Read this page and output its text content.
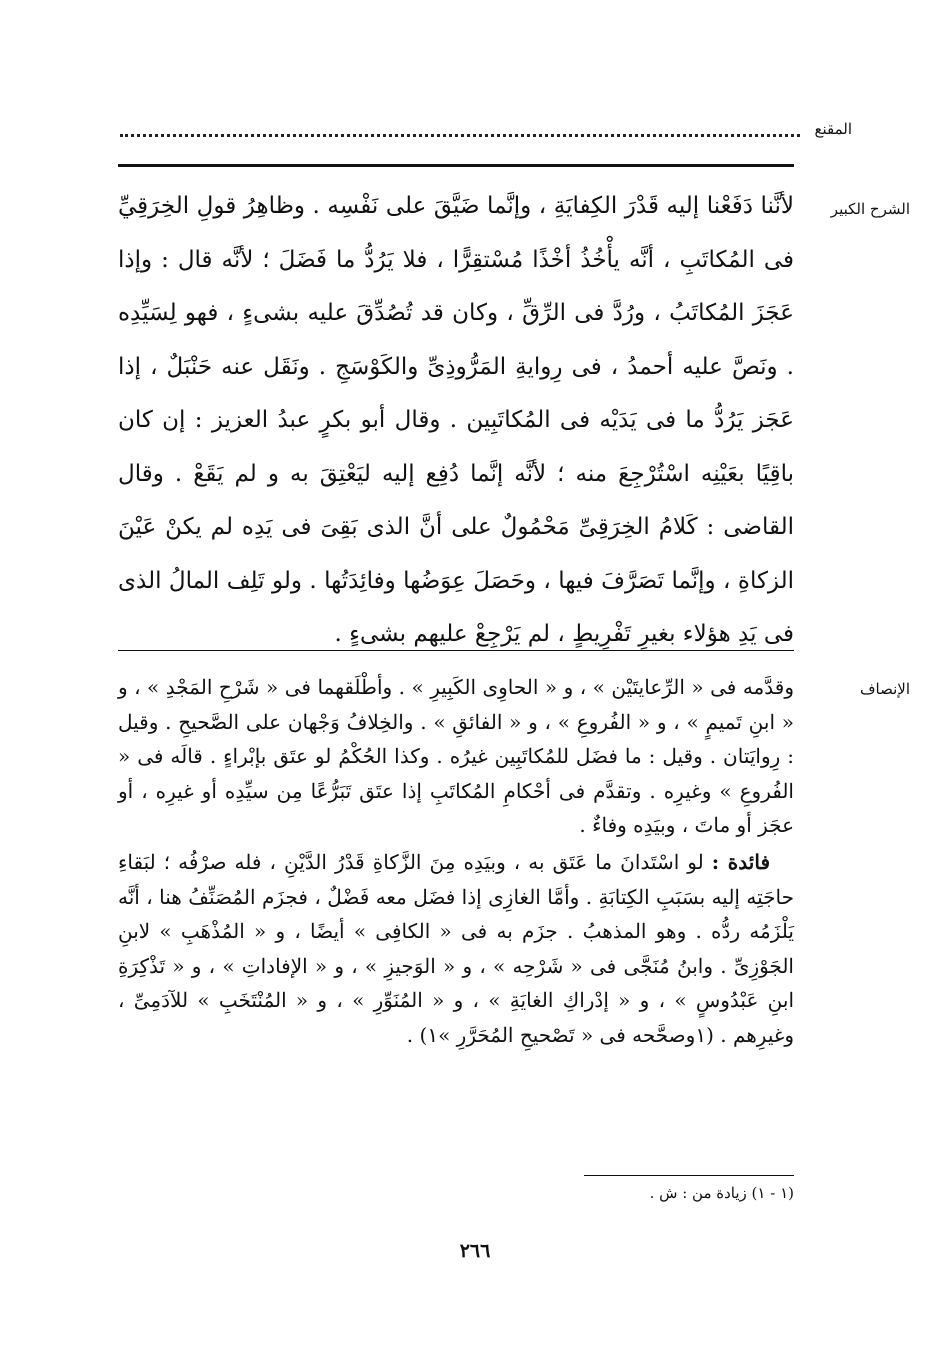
المقنع
الشرح الكبير

لأنَّنا دَفَعْنا إليه قَدْرَ الكِفايَةِ ، وإنَّما ضَيَّقَ على نَفْسِه . وظاهِرُ قولِ الخِرَقِيِّ فى المُكاتَبِ ، أنَّه يأْخُذُ أخْذًا مُسْتقِرًّا ، فلا يَرُدُّ ما فَضَلَ ؛ لأنَّه قال : وإذا عَجَزَ المُكاتَبُ ، ورُدَّ فى الرِّقِّ ، وكان قد تُصُدِّقَ عليه بشىءٍ ، فهو لِسَيِّدِه . ونَصَّ عليه أحمدُ ، فى رِوايةِ المَرُّوذِىِّ والكَوْسَجِ . ونَقَل عنه حَنْبَلٌ ، إذا عَجَز يَرُدُّ ما فى يَدَيْه فى المُكاتَبِين . وقال أبو بكرٍ عبدُ العزيز : إن كان باقِيًا بعَيْنِه اسْتُرْجِعَ منه ؛ لأنَّه إنَّما دُفِع إليه ليَعْتِقَ به و لم يَقَعْ . وقال القاضى : كَلامُ الخِرَقِىِّ مَحْمُولٌ على أنَّ الذى بَقِىَ فى يَدِه لم يكنْ عَيْنَ الزكاةِ ، وإنَّما تَصَرَّفَ فيها ، وحَصَلَ عِوَضُها وفائِدَتُها . ولو تَلِف المالُ الذى فى يَدِ هؤلاء بغيرِ تَفْرِيطٍ ، لم يَرْجِعْ عليهم بشىءٍ .

الإنصاف

وقدَّمه فى « الرِّعايتَيْن » ، و « الحاوِى الكَبِيرِ » . وأطْلَقهما فى « شَرْحِ المَجْدِ » ، و « ابنِ تَميمٍ » ، و « الفُروعِ » ، و « الفائقِ » . والخِلافُ وَجْهان على الصَّحيحِ . وقيل : رِوايَتان . وقيل : ما فضَل للمُكاتَبِين غيرُه . وكذا الحُكْمُ لو عتَق بإبْراءٍ . قالَه فى « الفُروعِ » وغيرِه . وتقدَّم فى أحْكامِ المُكاتَبِ إذا عتَق تَبَرُّعًا مِن سيِّدِه أو غيرِه ، أو عجَز أو ماتَ ، وبيَدِه وفاءٌ .

فائدة : لو اسْتَدانَ ما عَتَق به ، وبيَدِه مِنَ الزَّكاةِ قَدْرُ الدَّيْنِ ، فله صرْفُه ؛ لبَقاءِ حاجَتِه إليه بسَبَبِ الكِتابَةِ . وأمَّا الغازِى إذا فضَل معه فَضْلٌ ، فجزَم المُصَنِّفُ هنا ، أنَّه يَلْزَمُه ردُّه . وهو المذهبُ . جزَم به فى « الكافِى » أيضًا ، و « المُذْهَبِ » لابنِ الجَوْزِىِّ . وابنُ مُنَجَّى فى « شَرْحِه » ، و « الوَجيزِ » ، و « الإفاداتِ » ، و « تَذْكِرَةِ ابنِ عَبْدُوسٍ » ، و « إدْراكِ الغايَةِ » ، و « المُنَوِّرِ » ، و « المُنْتَخَبِ » للآدَمِىِّ ، وغيرِهم . (١وصحَّحه فى « تَصْحيحِ المُحَرَّرِ »١) .

(١ - ١) زيادة من : ش .
٢٦٦
